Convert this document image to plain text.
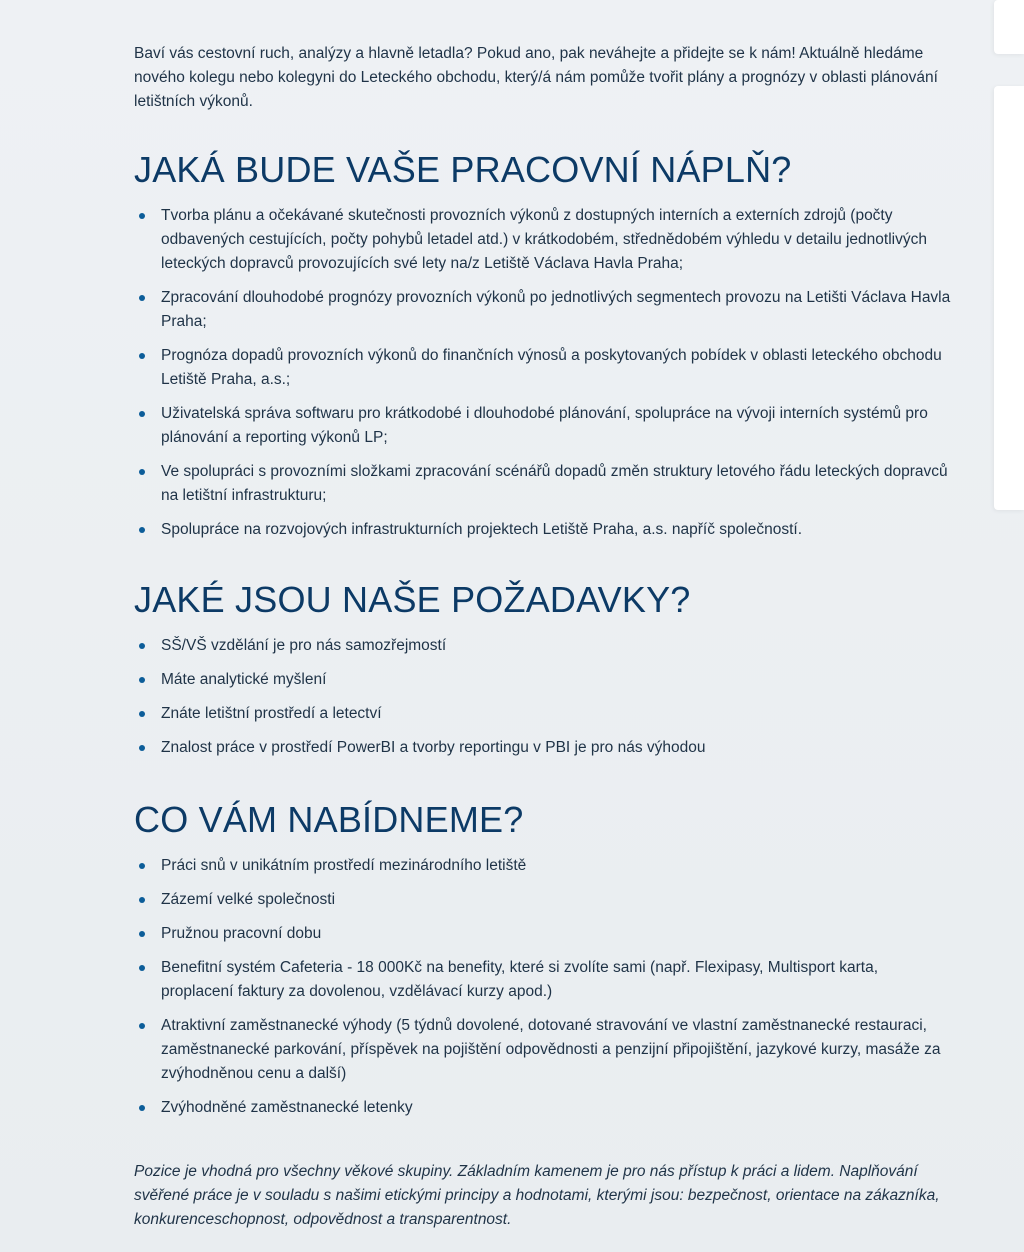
Baví vás cestovní ruch, analýzy a hlavně letadla? Pokud ano, pak neváhejte a přidejte se k nám! Aktuálně hledáme nového kolegu nebo kolegyni do Leteckého obchodu, který/á nám pomůže tvořit plány a prognózy v oblasti plánování letištních výkonů.

JAKÁ BUDE VAŠE PRACOVNÍ NÁPLŇ?
Tvorba plánu a očekávané skutečnosti provozních výkonů z dostupných interních a externích zdrojů (počty odbavených cestujících, počty pohybů letadel atd.) v krátkodobém, střednědobém výhledu v detailu jednotlivých leteckých dopravců provozujících své lety na/z Letiště Václava Havla Praha;
Zpracování dlouhodobé prognózy provozních výkonů po jednotlivých segmentech provozu na Letišti Václava Havla Praha;
Prognóza dopadů provozních výkonů do finančních výnosů a poskytovaných pobídek v oblasti leteckého obchodu Letiště Praha, a.s.;
Uživatelská správa softwaru pro krátkodobé i dlouhodobé plánování, spolupráce na vývoji interních systémů pro plánování a reporting výkonů LP;
Ve spolupráci s provozními složkami zpracování scénářů dopadů změn struktury letového řádu leteckých dopravců na letištní infrastrukturu;
Spolupráce na rozvojových infrastrukturních projektech Letiště Praha, a.s. napříč společností.
JAKÉ JSOU NAŠE POŽADAVKY?
SŠ/VŠ vzdělání je pro nás samozřejmostí
Máte analytické myšlení
Znáte letištní prostředí a letectví
Znalost práce v prostředí PowerBI a tvorby reportingu v PBI je pro nás výhodou
CO VÁM NABÍDNEME?
Práci snů v unikátním prostředí mezinárodního letiště
Zázemí velké společnosti
Pružnou pracovní dobu
Benefitní systém Cafeteria - 18 000Kč na benefity, které si zvolíte sami (např. Flexipasy, Multisport karta, proplacení faktury za dovolenou, vzdělávací kurzy apod.)
Atraktivní zaměstnanecké výhody (5 týdnů dovolené, dotované stravování ve vlastní zaměstnanecké restauraci, zaměstnanecké parkování, příspěvek na pojištění odpovědnosti a penzijní připojištění, jazykové kurzy, masáže za zvýhodněnou cenu a další)
Zvýhodněné zaměstnanecké letenky

Pozice je vhodná pro všechny věkové skupiny. Základním kamenem je pro nás přístup k práci a lidem. Naplňování svěřené práce je v souladu s našimi etickými principy a hodnotami, kterými jsou: bezpečnost, orientace na zákazníka, konkurenceschopnost, odpovědnost a transparentnost.
